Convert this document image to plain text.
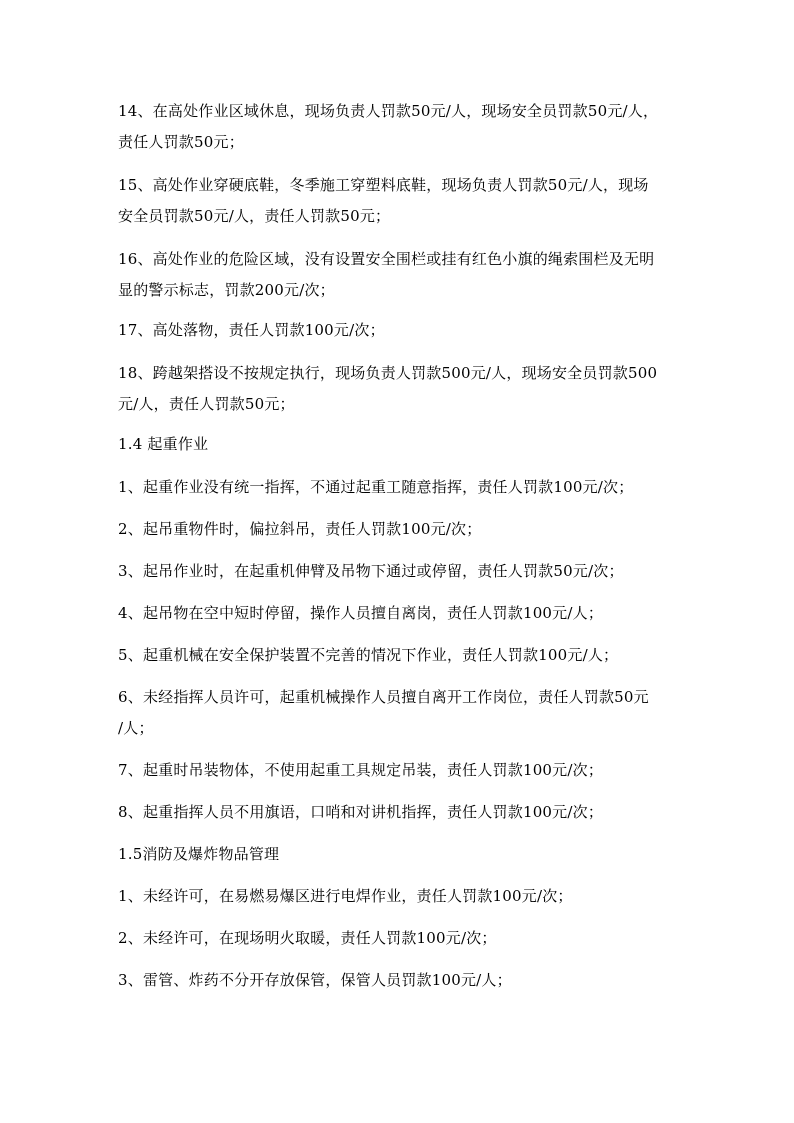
14、在高处作业区域休息，现场负责人罚款50元/人，现场安全员罚款50元/人，
责任人罚款50元；
15、高处作业穿硬底鞋，冬季施工穿塑料底鞋，现场负责人罚款50元/人，现场
安全员罚款50元/人，责任人罚款50元；
16、高处作业的危险区域，没有设置安全围栏或挂有红色小旗的绳索围栏及无明
显的警示标志，罚款200元/次；
17、高处落物，责任人罚款100元/次；
18、跨越架搭设不按规定执行，现场负责人罚款500元/人，现场安全员罚款500
元/人，责任人罚款50元；
1.4 起重作业
1、起重作业没有统一指挥，不通过起重工随意指挥，责任人罚款100元/次；
2、起吊重物件时，偏拉斜吊，责任人罚款100元/次；
3、起吊作业时，在起重机伸臂及吊物下通过或停留，责任人罚款50元/次；
4、起吊物在空中短时停留，操作人员擅自离岗，责任人罚款100元/人；
5、起重机械在安全保护装置不完善的情况下作业，责任人罚款100元/人；
6、未经指挥人员许可，起重机械操作人员擅自离开工作岗位，责任人罚款50元
/人；
7、起重时吊装物体，不使用起重工具规定吊装，责任人罚款100元/次；
8、起重指挥人员不用旗语，口哨和对讲机指挥，责任人罚款100元/次；
1.5消防及爆炸物品管理
1、未经许可，在易燃易爆区进行电焊作业，责任人罚款100元/次；
2、未经许可，在现场明火取暖，责任人罚款100元/次；
3、雷管、炸药不分开存放保管，保管人员罚款100元/人；
